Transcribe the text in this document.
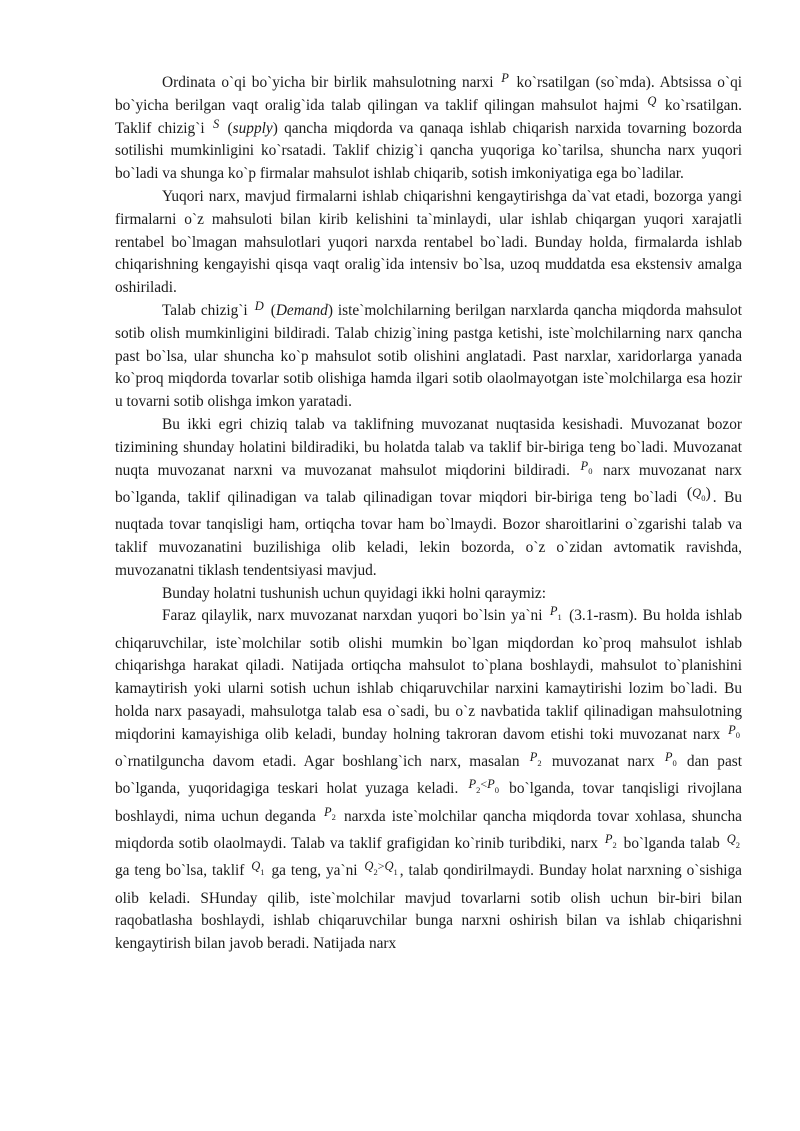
Ordinata o`qi bo`yicha bir birlik mahsulotning narxi $^P$ ko`rsatilgan (so`mda). Abtsissa o`qi bo`yicha berilgan vaqt oralig`ida talab qilingan va taklif qilingan mahsulot hajmi $^Q$ ko`rsatilgan. Taklif chizig`i $^S$ (supply) qancha miqdorda va qanaqa ishlab chiqarish narxida tovarning bozorda sotilishi mumkinligini ko`rsatadi. Taklif chizig`i qancha yuqoriga ko`tarilsa, shuncha narx yuqori bo`ladi va shunga ko`p firmalar mahsulot ishlab chiqarib, sotish imkoniyatiga ega bo`ladilar.

Yuqori narx, mavjud firmalarni ishlab chiqarishni kengaytirishga da`vat etadi, bozorga yangi firmalarni o`z mahsuloti bilan kirib kelishini ta`minlaydi, ular ishlab chiqargan yuqori xarajatli rentabel bo`lmagan mahsulotlari yuqori narxda rentabel bo`ladi. Bunday holda, firmalarda ishlab chiqarishning kengayishi qisqa vaqt oralig`ida intensiv bo`lsa, uzoq muddatda esa ekstensiv amalga oshiriladi.

Talab chizig`i $^D$ (Demand) iste`molchilarning berilgan narxlarda qancha miqdorda mahsulot sotib olish mumkinligini bildiradi. Talab chizig`ining pastga ketishi, iste`molchilarning narx qancha past bo`lsa, ular shuncha ko`p mahsulot sotib olishini anglatadi. Past narxlar, xaridorlarga yanada ko`proq miqdorda tovarlar sotib olishiga hamda ilgari sotib olaolmayotgan iste`molchilarga esa hozir u tovarni sotib olishga imkon yaratadi.

Bu ikki egri chiziq talab va taklifning muvozanat nuqtasida kesishadi. Muvozanat bozor tizimining shunday holatini bildiradiki, bu holatda talab va taklif bir-biriga teng bo`ladi. Muvozanat nuqta muvozanat narxni va muvozanat mahsulot miqdorini bildiradi. $^{P_0}$ narx muvozanat narx bo`lganda, taklif qilinadigan va talab qilinadigan tovar miqdori bir-biriga teng bo`ladi $^{(Q_0)}$ . Bu nuqtada tovar tanqisligi ham, ortiqcha tovar ham bo`lmaydi. Bozor sharoitlarini o`zgarishi talab va taklif muvozanatini buzilishiga olib keladi, lekin bozorda, o`z o`zidan avtomatik ravishda, muvozanatni tiklash tendentsiyasi mavjud.

Bunday holatni tushunish uchun quyidagi ikki holni qaraymiz:

Faraz qilaylik, narx muvozanat narxdan yuqori bo`lsin ya`ni $^{P_1}$ (3.1-rasm). Bu holda ishlab chiqaruvchilar, iste`molchilar sotib olishi mumkin bo`lgan miqdordan ko`proq mahsulot ishlab chiqarishga harakat qiladi. Natijada ortiqcha mahsulot to`plana boshlaydi, mahsulot to`planishini kamaytirish yoki ularni sotish uchun ishlab chiqaruvchilar narxini kamaytirishi lozim bo`ladi. Bu holda narx pasayadi, mahsulotga talab esa o`sadi, bu o`z navbatida taklif qilinadigan mahsulotning miqdorini kamayishiga olib keladi, bunday holning takroran davom etishi toki muvozanat narx $^{P_0}$ o`rnatilguncha davom etadi. Agar boshlang`ich narx, masalan $^{P_2}$ muvozanat narx $^{P_0}$ dan past bo`lganda, yuqoridagiga teskari holat yuzaga keladi. $^{P_2<P_0}$ bo`lganda, tovar tanqisligi rivojlana boshlaydi, nima uchun deganda $^{P_2}$ narxda iste`molchilar qancha miqdorda tovar xohlasa, shuncha miqdorda sotib olaolmaydi. Talab va taklif grafigidan ko`rinib turibdiki, narx $^{P_2}$ bo`lganda talab $^{Q_2}$ ga teng bo`lsa, taklif $^{Q_1}$ ga teng, ya`ni $^{Q_2>Q_1}$ , talab qondirilmaydi. Bunday holat narxning o`sishiga olib keladi. SHunday qilib, iste`molchilar mavjud tovarlarni sotib olish uchun bir-biri bilan raqobatlasha boshlaydi, ishlab chiqaruvchilar bunga narxni oshirish bilan va ishlab chiqarishni kengaytirish bilan javob beradi. Natijada narx
